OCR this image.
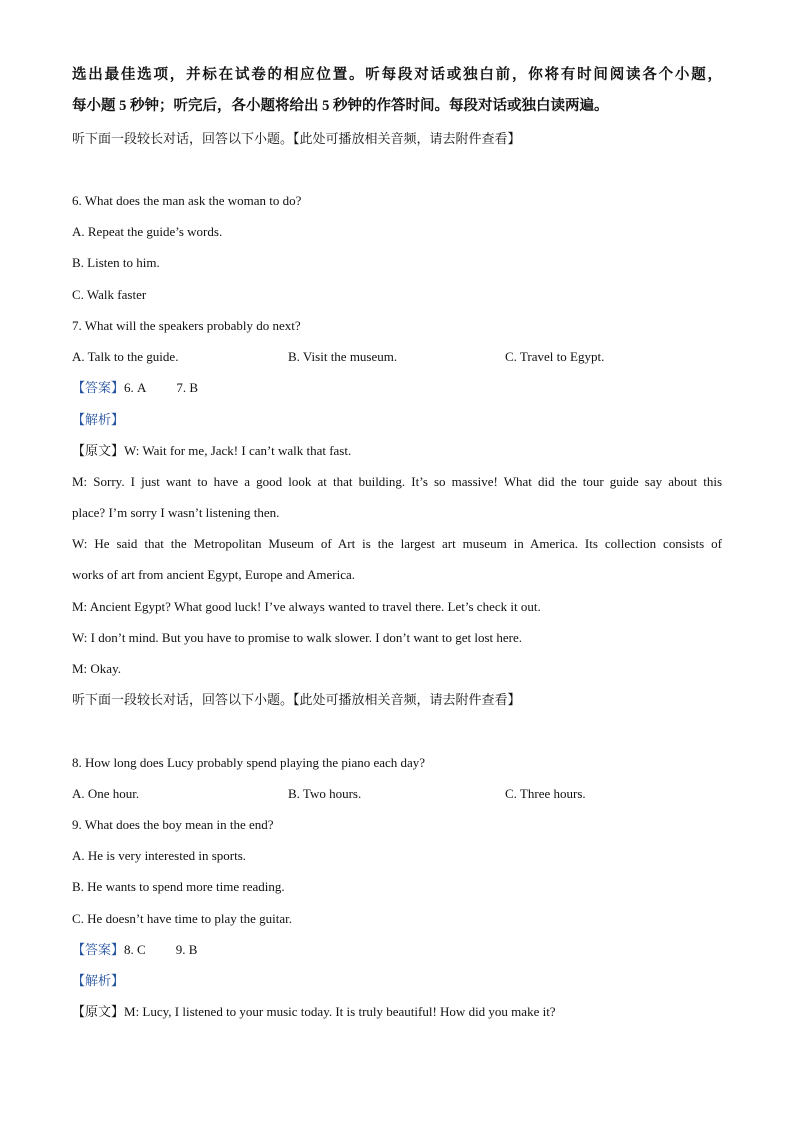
选出最佳选项，并标在试卷的相应位置。听每段对话或独白前，你将有时间阅读各个小题，
每小题 5 秒钟；听完后，各小题将给出 5 秒钟的作答时间。每段对话或独白读两遍。
听下面一段较长对话，回答以下小题。【此处可播放相关音频，请去附件查看】
6. What does the man ask the woman to do?
A. Repeat the guide’s words.
B. Listen to him.
C. Walk faster
7. What will the speakers probably do next?
A. Talk to the guide.	B. Visit the museum.	C. Travel to Egypt.
【答案】6. A 7. B
【解析】
【原文】W: Wait for me, Jack! I can’t walk that fast.
M: Sorry. I just want to have a good look at that building. It’s so massive! What did the tour guide say about this
place? I’m sorry I wasn’t listening then.
W: He said that the Metropolitan Museum of Art is the largest art museum in America. Its collection consists of
works of art from ancient Egypt, Europe and America.
M: Ancient Egypt? What good luck! I’ve always wanted to travel there. Let’s check it out.
W: I don’t mind. But you have to promise to walk slower. I don’t want to get lost here.
M: Okay.
听下面一段较长对话，回答以下小题。【此处可播放相关音频，请去附件查看】
8. How long does Lucy probably spend playing the piano each day?
A. One hour.	B. Two hours.	C. Three hours.
9. What does the boy mean in the end?
A. He is very interested in sports.
B. He wants to spend more time reading.
C. He doesn’t have time to play the guitar.
【答案】8. C 9. B
【解析】
【原文】M: Lucy, I listened to your music today. It is truly beautiful! How did you make it?
